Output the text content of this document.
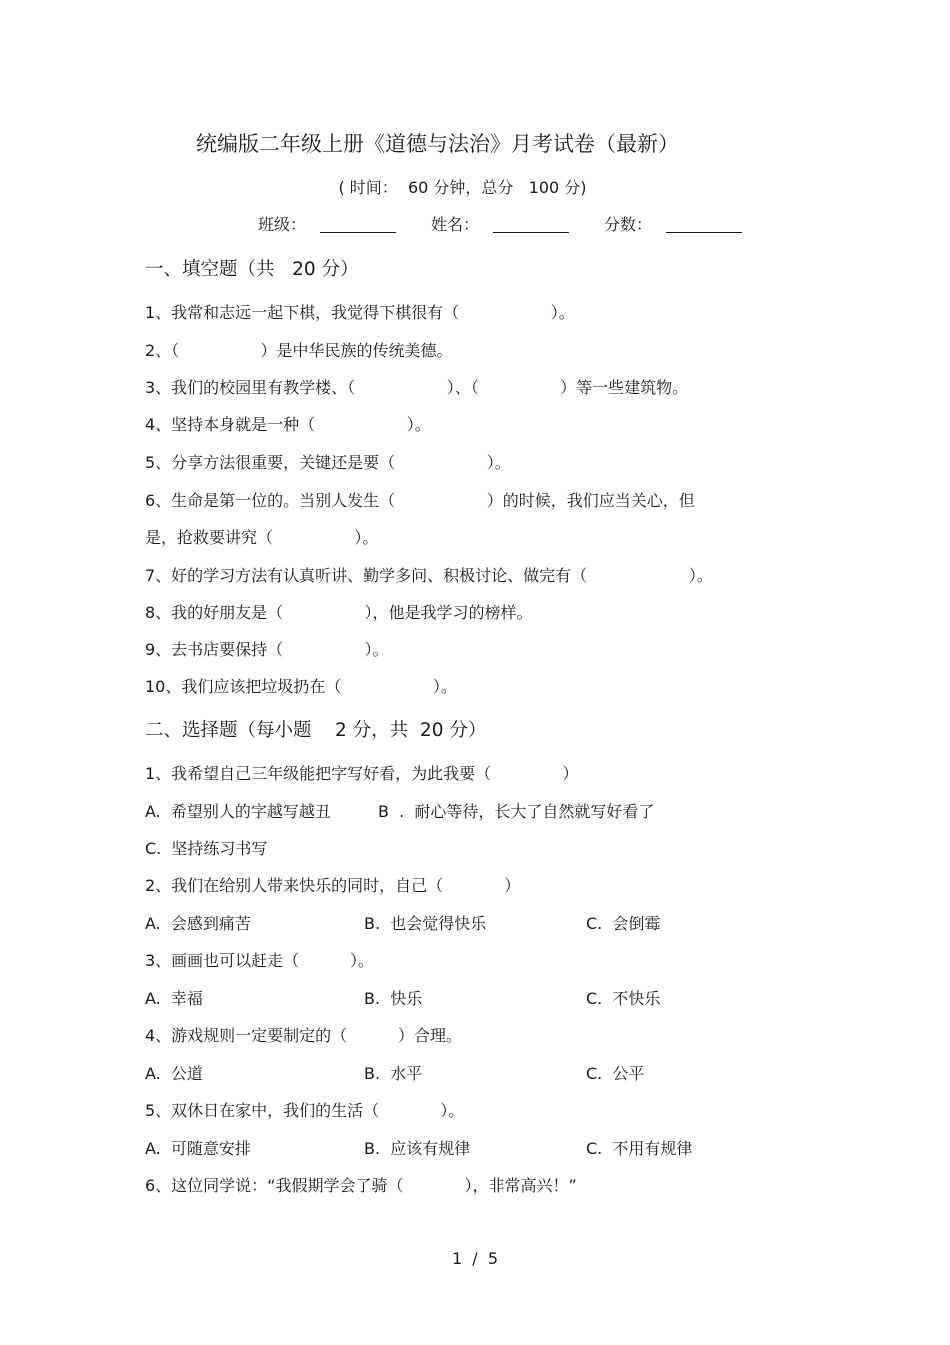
统编版二年级上册《道德与法治》月考试卷（最新）
( 时间：  60 分钟，总分   100 分)
班级：	姓名：	分数：
一、填空题（共   20 分）
1、我常和志远一起下棋，我觉得下棋很有（                  ）。
2、（                ）是中华民族的传统美德。
3、我们的校园里有教学楼、（                  ）、（                ）等一些建筑物。
4、坚持本身就是一种（                  ）。
5、分享方法很重要，关键还是要（                  ）。
6、生命是第一位的。当别人发生（                  ）的时候，我们应当关心，但
是，抢救要讲究（                ）。
7、好的学习方法有认真听讲、勤学多问、积极讨论、做完有（                    ）。
8、我的好朋友是（                ），他是我学习的榜样。
9、去书店要保持（                ）。
10、我们应该把垃圾扔在（                  ）。
二、选择题（每小题    2 分，共  20 分）
1、我希望自己三年级能把字写好看，为此我要（              ）
A.  希望别人的字越写越丑	B  .  耐心等待，长大了自然就写好看了
C.  坚持练习书写
2、我们在给别人带来快乐的同时，自己（            ）
A.  会感到痛苦	B.  也会觉得快乐	C.  会倒霉
3、画画也可以赶走（          ）。
A.  幸福	B.  快乐	C.  不快乐
4、游戏规则一定要制定的（          ）合理。
A.  公道	B.  水平	C.  公平
5、双休日在家中，我们的生活（            ）。
A.  可随意安排	B.  应该有规律	C.  不用有规律
6、这位同学说：“我假期学会了骑（            ），非常高兴！”
1  /  5
